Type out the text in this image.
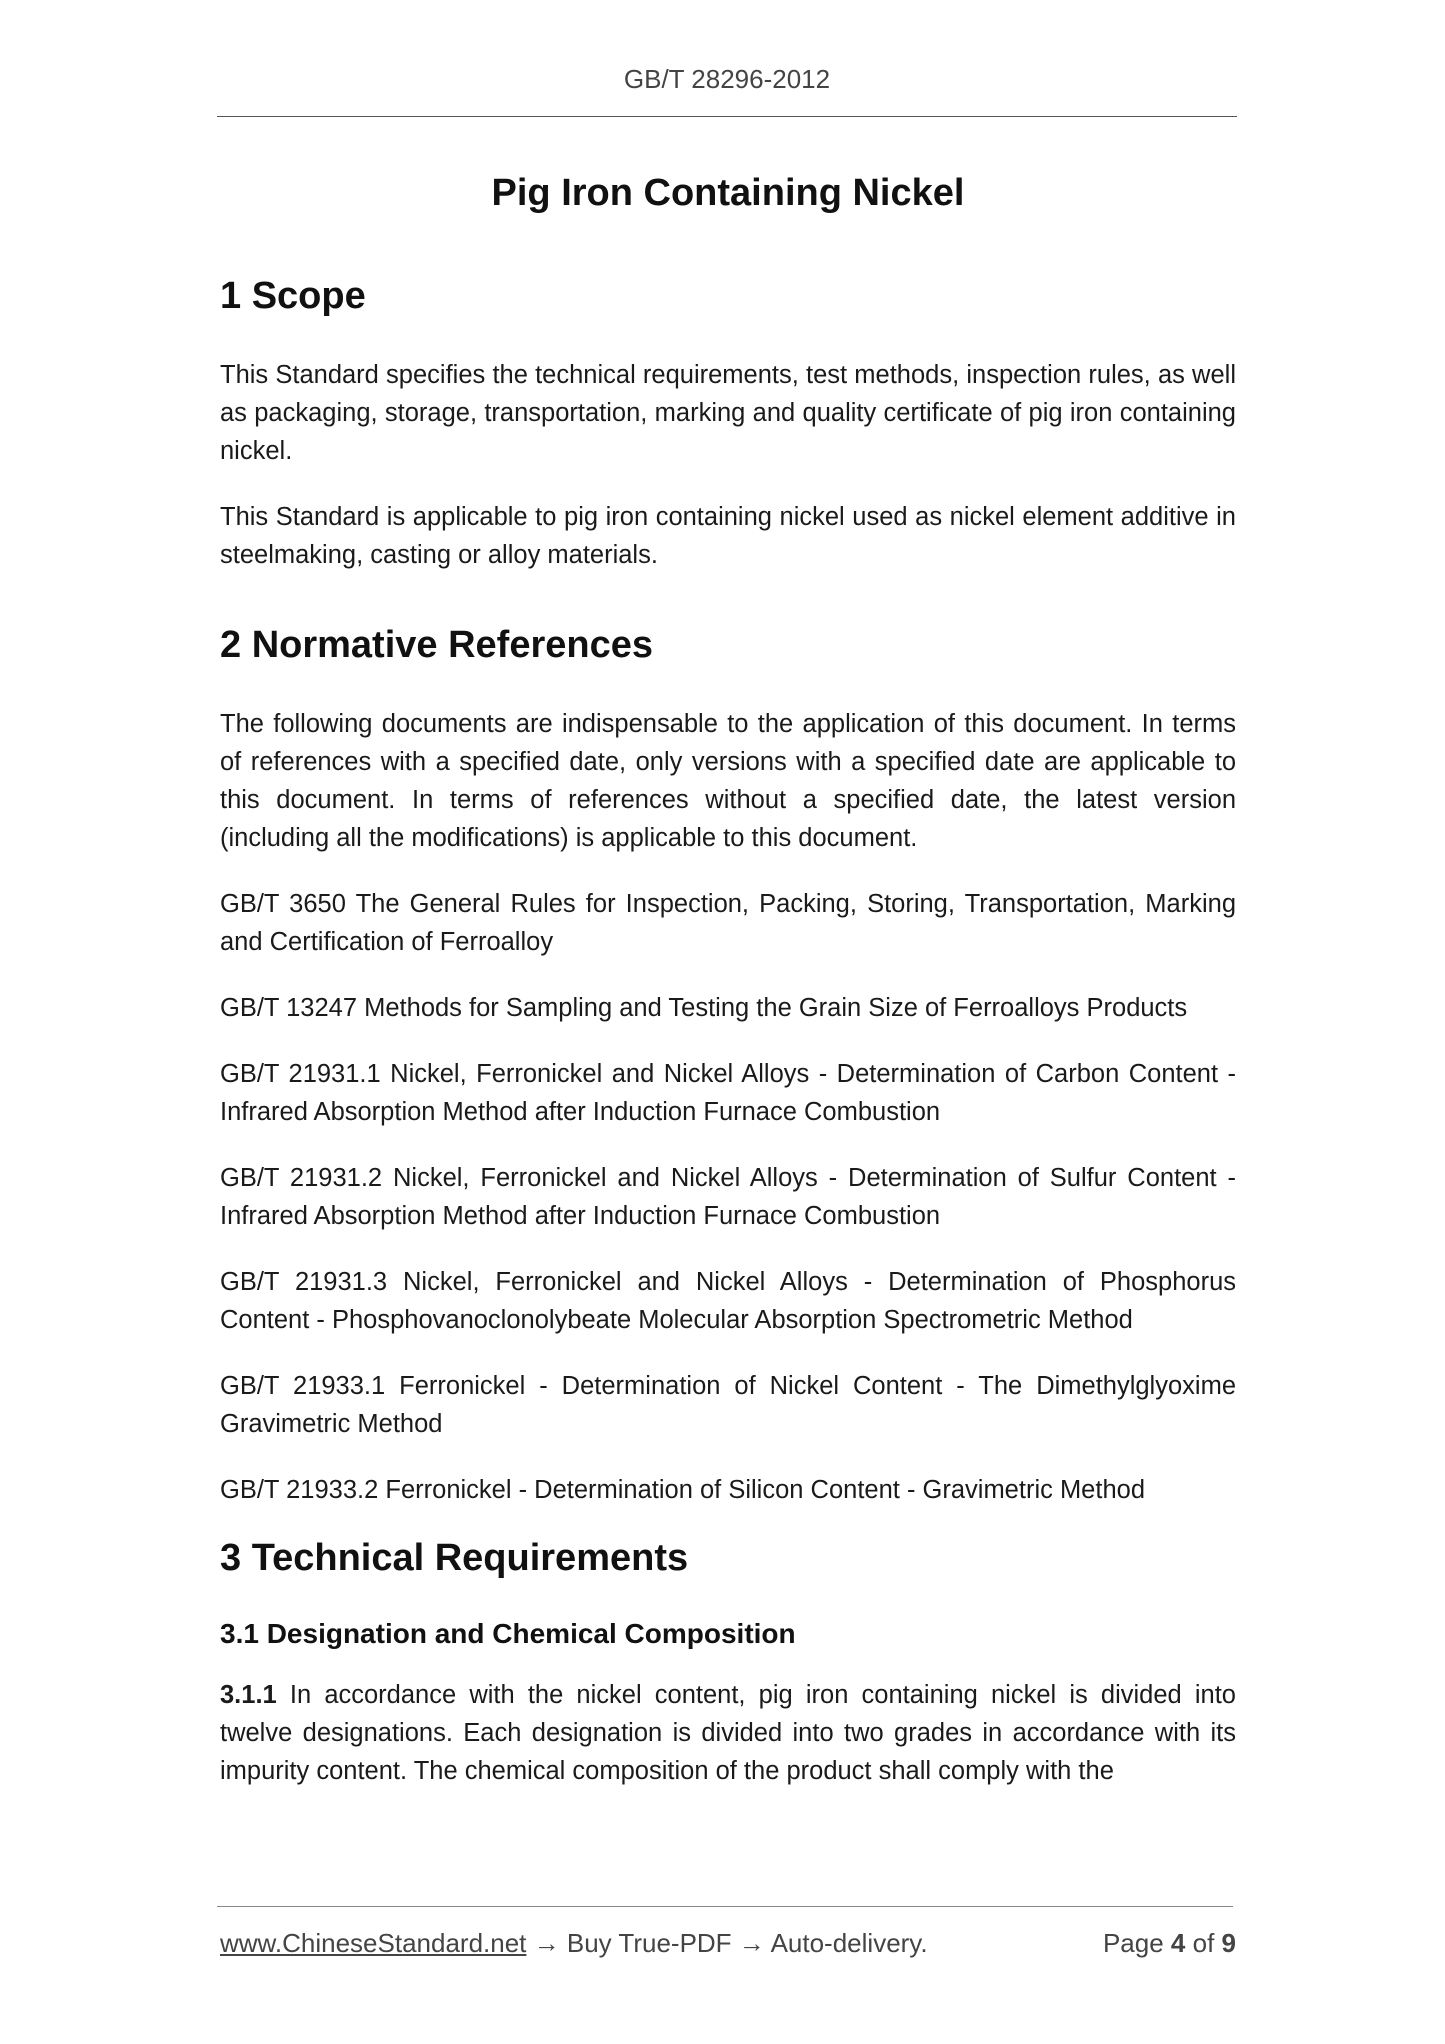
GB/T 28296-2012
Pig Iron Containing Nickel
1 Scope

This Standard specifies the technical requirements, test methods, inspection rules, as well as packaging, storage, transportation, marking and quality certificate of pig iron containing nickel.

This Standard is applicable to pig iron containing nickel used as nickel element additive in steelmaking, casting or alloy materials.

2 Normative References

The following documents are indispensable to the application of this document. In terms of references with a specified date, only versions with a specified date are applicable to this document. In terms of references without a specified date, the latest version (including all the modifications) is applicable to this document.

GB/T 3650 The General Rules for Inspection, Packing, Storing, Transportation, Marking and Certification of Ferroalloy

GB/T 13247 Methods for Sampling and Testing the Grain Size of Ferroalloys Products

GB/T 21931.1 Nickel, Ferronickel and Nickel Alloys - Determination of Carbon Content - Infrared Absorption Method after Induction Furnace Combustion

GB/T 21931.2 Nickel, Ferronickel and Nickel Alloys - Determination of Sulfur Content - Infrared Absorption Method after Induction Furnace Combustion

GB/T 21931.3 Nickel, Ferronickel and Nickel Alloys - Determination of Phosphorus Content - Phosphovanoclonolybeate Molecular Absorption Spectrometric Method

GB/T 21933.1 Ferronickel - Determination of Nickel Content - The Dimethylglyoxime Gravimetric Method

GB/T 21933.2 Ferronickel - Determination of Silicon Content - Gravimetric Method

3 Technical Requirements
3.1 Designation and Chemical Composition

3.1.1 In accordance with the nickel content, pig iron containing nickel is divided into twelve designations. Each designation is divided into two grades in accordance with its impurity content. The chemical composition of the product shall comply with the

www.ChineseStandard.net → Buy True-PDF → Auto-delivery.	Page 4 of 9
